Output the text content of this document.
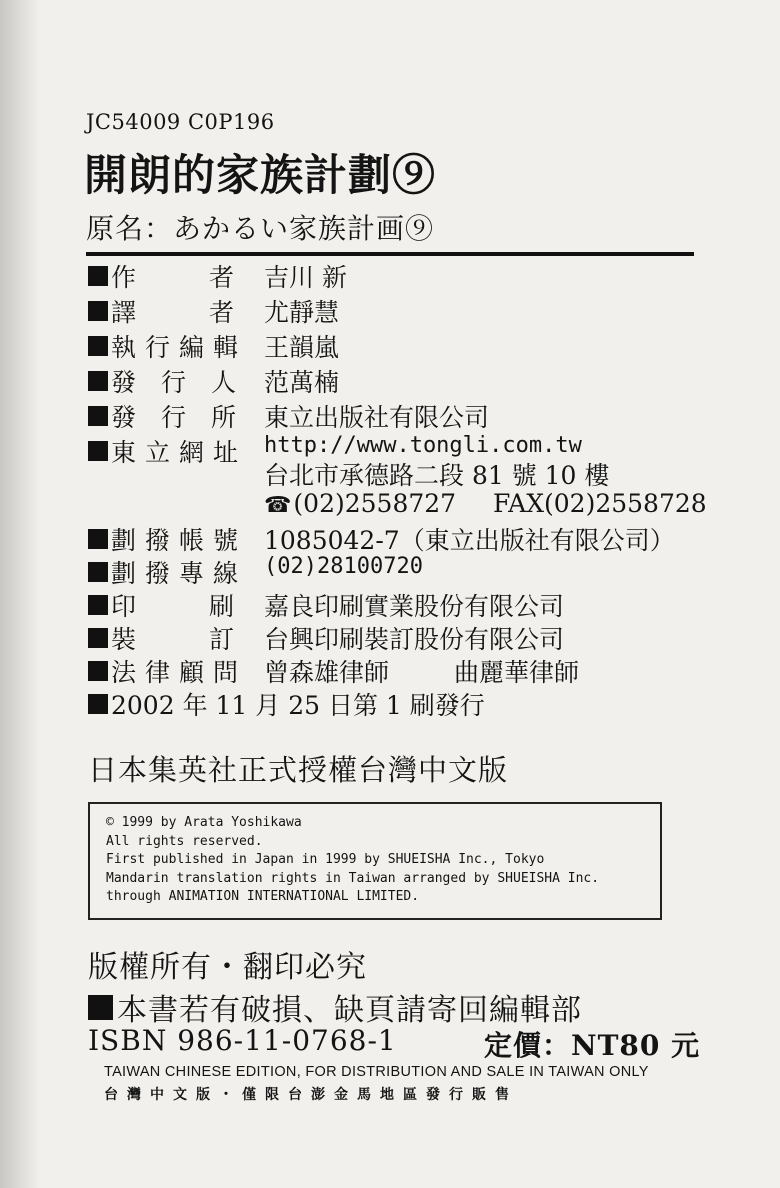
JC54009 C0P196
開朗的家族計劃⑨
原名：あかるい家族計画⑨
作	者 吉川 新
譯	者 尤靜慧
執 行 編 輯 王韻嵐
發 行 人 范萬楠
發 行 所 東立出版社有限公司
東 立 網 址 http://www.tongli.com.tw
台北市承德路二段 81 號 10 樓
☎(02)2558727 FAX(02)2558728
劃 撥 帳 號 1085042-7（東立出版社有限公司）
劃 撥 專 線 (02)28100720
印	刷 嘉良印刷實業股份有限公司
裝	訂 台興印刷裝訂股份有限公司
法 律 顧 問 曾森雄律師	曲麗華律師
2002 年 11 月 25 日第 1 刷發行
日本集英社正式授權台灣中文版
© 1999 by Arata Yoshikawa
All rights reserved.
First published in Japan in 1999 by SHUEISHA Inc., Tokyo
Mandarin translation rights in Taiwan arranged by SHUEISHA Inc.
through ANIMATION INTERNATIONAL LIMITED.
版權所有・翻印必究
本書若有破損、缺頁請寄回編輯部
ISBN 986-11-0768-1	定價：NT80 元
TAIWAN CHINESE EDITION, FOR DISTRIBUTION AND SALE IN TAIWAN ONLY
台灣中文版・僅限台澎金馬地區發行販售
